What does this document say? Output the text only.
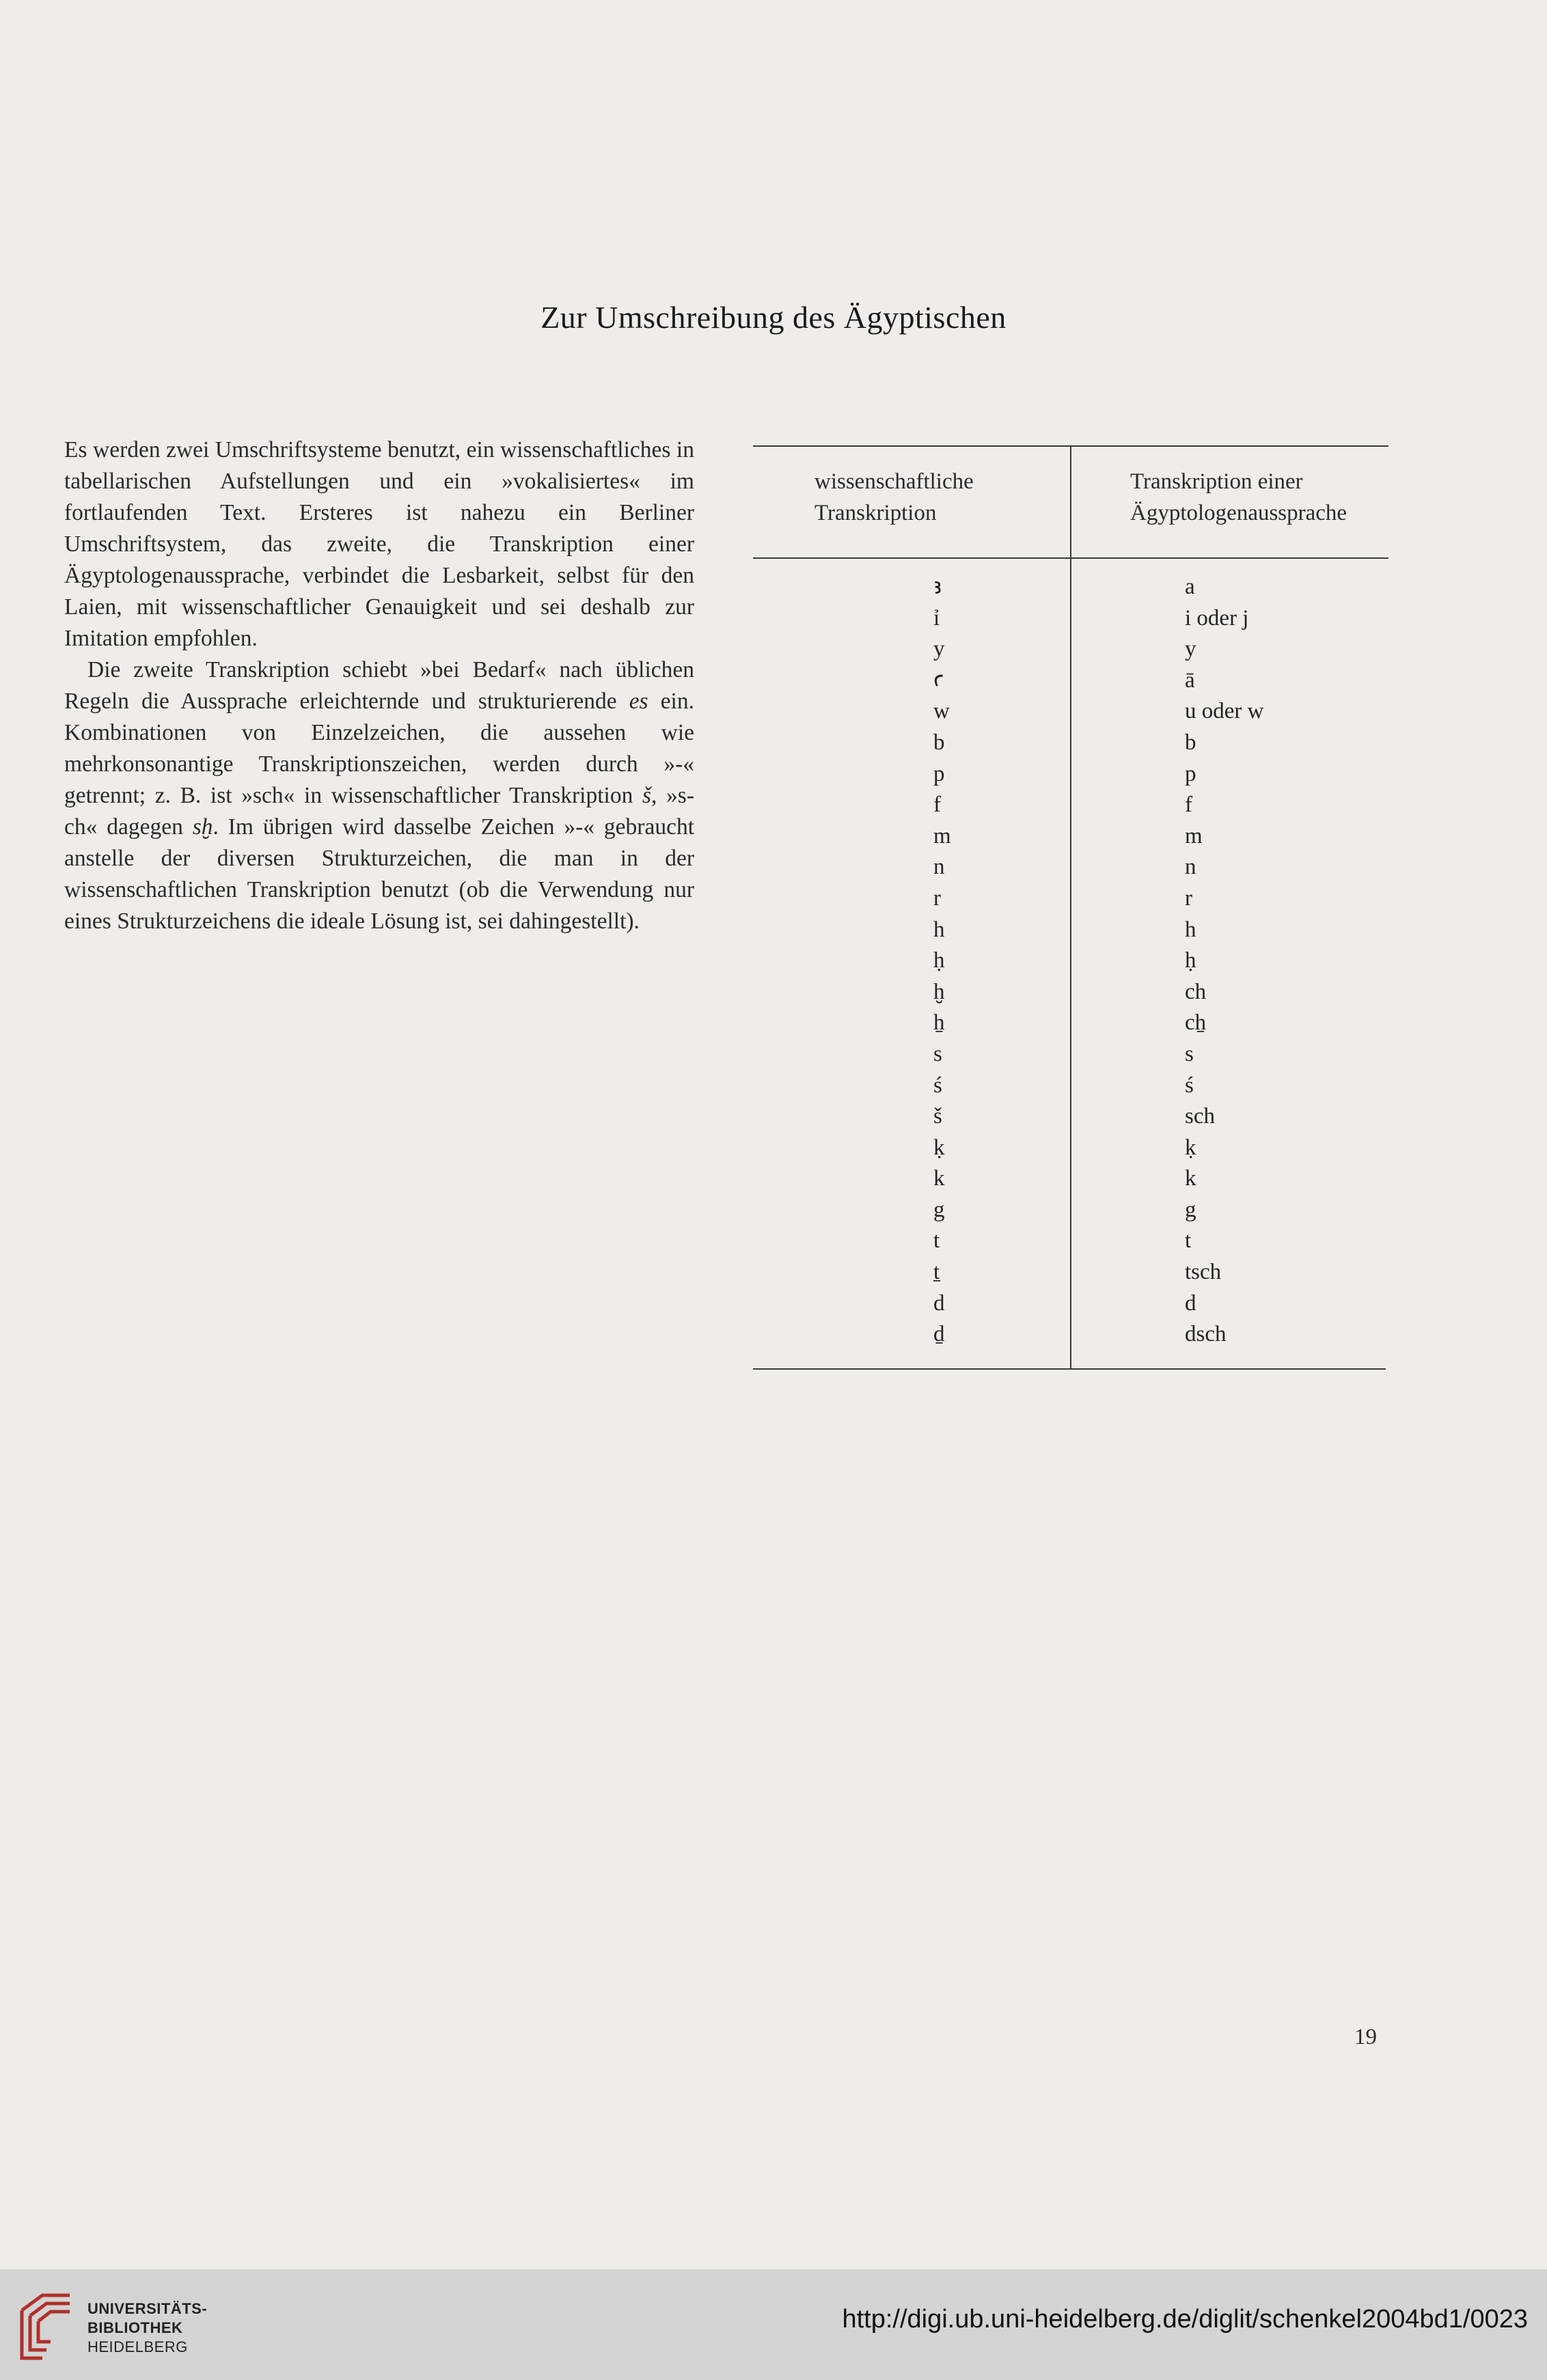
Zur Umschreibung des Ägyptischen

Es werden zwei Umschriftsysteme benutzt, ein wissenschaftliches in tabellarischen Aufstellungen und ein »vokalisiertes« im fortlaufenden Text. Ersteres ist nahezu ein Berliner Umschriftsystem, das zweite, die Transkription einer Ägyptologenaussprache, verbindet die Lesbarkeit, selbst für den Laien, mit wissenschaftlicher Genauigkeit und sei deshalb zur Imitation empfohlen.

Die zweite Transkription schiebt »bei Bedarf« nach üblichen Regeln die Aussprache erleichternde und strukturierende es ein. Kombinationen von Einzelzeichen, die aussehen wie mehrkonsonantige Transkriptionszeichen, werden durch »-« getrennt; z. B. ist »sch« in wissenschaftlicher Transkription š, »s-ch« dagegen sḫ. Im übrigen wird dasselbe Zeichen »-« gebraucht anstelle der diversen Strukturzeichen, die man in der wissenschaftlichen Transkription benutzt (ob die Verwendung nur eines Strukturzeichens die ideale Lösung ist, sei dahingestellt).

wissenschaftliche Transkription
Transkription einer Ägyptologenaussprache
ꜣ
ỉ
y
ꜥ
w
b
p
f
m
n
r
h
ḥ
ḫ
ẖ
s
ś
š
ḳ
k
g
t
ṯ
d
ḏ
a
i oder j
y
ā
u oder w
b
p
f
m
n
r
h
ḥ
ch
cẖ
s
ś
sch
ḳ
k
g
t
tsch
d
dsch
19
UNIVERSITÄTS-
BIBLIOTHEK
HEIDELBERG
http://digi.ub.uni-heidelberg.de/diglit/schenkel2004bd1/0023
